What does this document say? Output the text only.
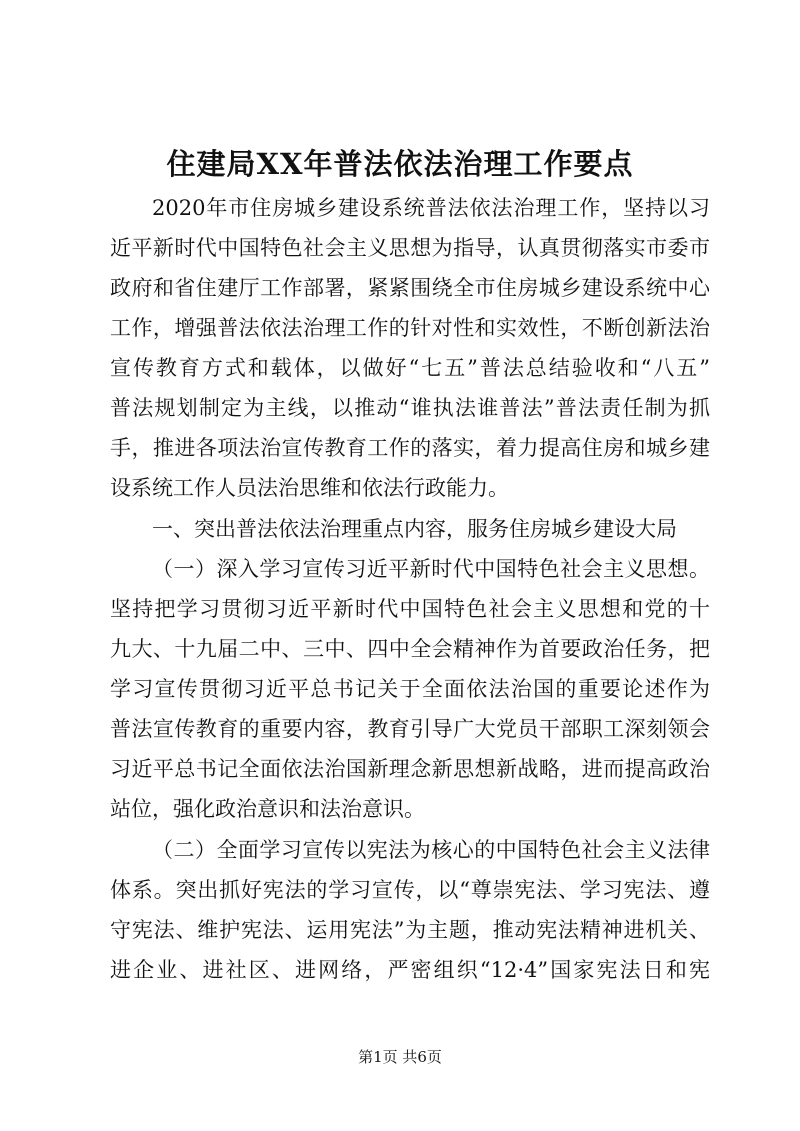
住建局XX年普法依法治理工作要点
2020年市住房城乡建设系统普法依法治理工作，坚持以习
近平新时代中国特色社会主义思想为指导，认真贯彻落实市委市
政府和省住建厅工作部署，紧紧围绕全市住房城乡建设系统中心
工作，增强普法依法治理工作的针对性和实效性，不断创新法治
宣传教育方式和载体，以做好“七五”普法总结验收和“八五”
普法规划制定为主线，以推动“谁执法谁普法”普法责任制为抓
手，推进各项法治宣传教育工作的落实，着力提高住房和城乡建
设系统工作人员法治思维和依法行政能力。
一、突出普法依法治理重点内容，服务住房城乡建设大局
（一）深入学习宣传习近平新时代中国特色社会主义思想。
坚持把学习贯彻习近平新时代中国特色社会主义思想和党的十
九大、十九届二中、三中、四中全会精神作为首要政治任务，把
学习宣传贯彻习近平总书记关于全面依法治国的重要论述作为
普法宣传教育的重要内容，教育引导广大党员干部职工深刻领会
习近平总书记全面依法治国新理念新思想新战略，进而提高政治
站位，强化政治意识和法治意识。
（二）全面学习宣传以宪法为核心的中国特色社会主义法律
体系。突出抓好宪法的学习宣传，以“尊崇宪法、学习宪法、遵
守宪法、维护宪法、运用宪法”为主题，推动宪法精神进机关、
进企业、进社区、进网络，严密组织“12·4”国家宪法日和宪
第1页 共6页
